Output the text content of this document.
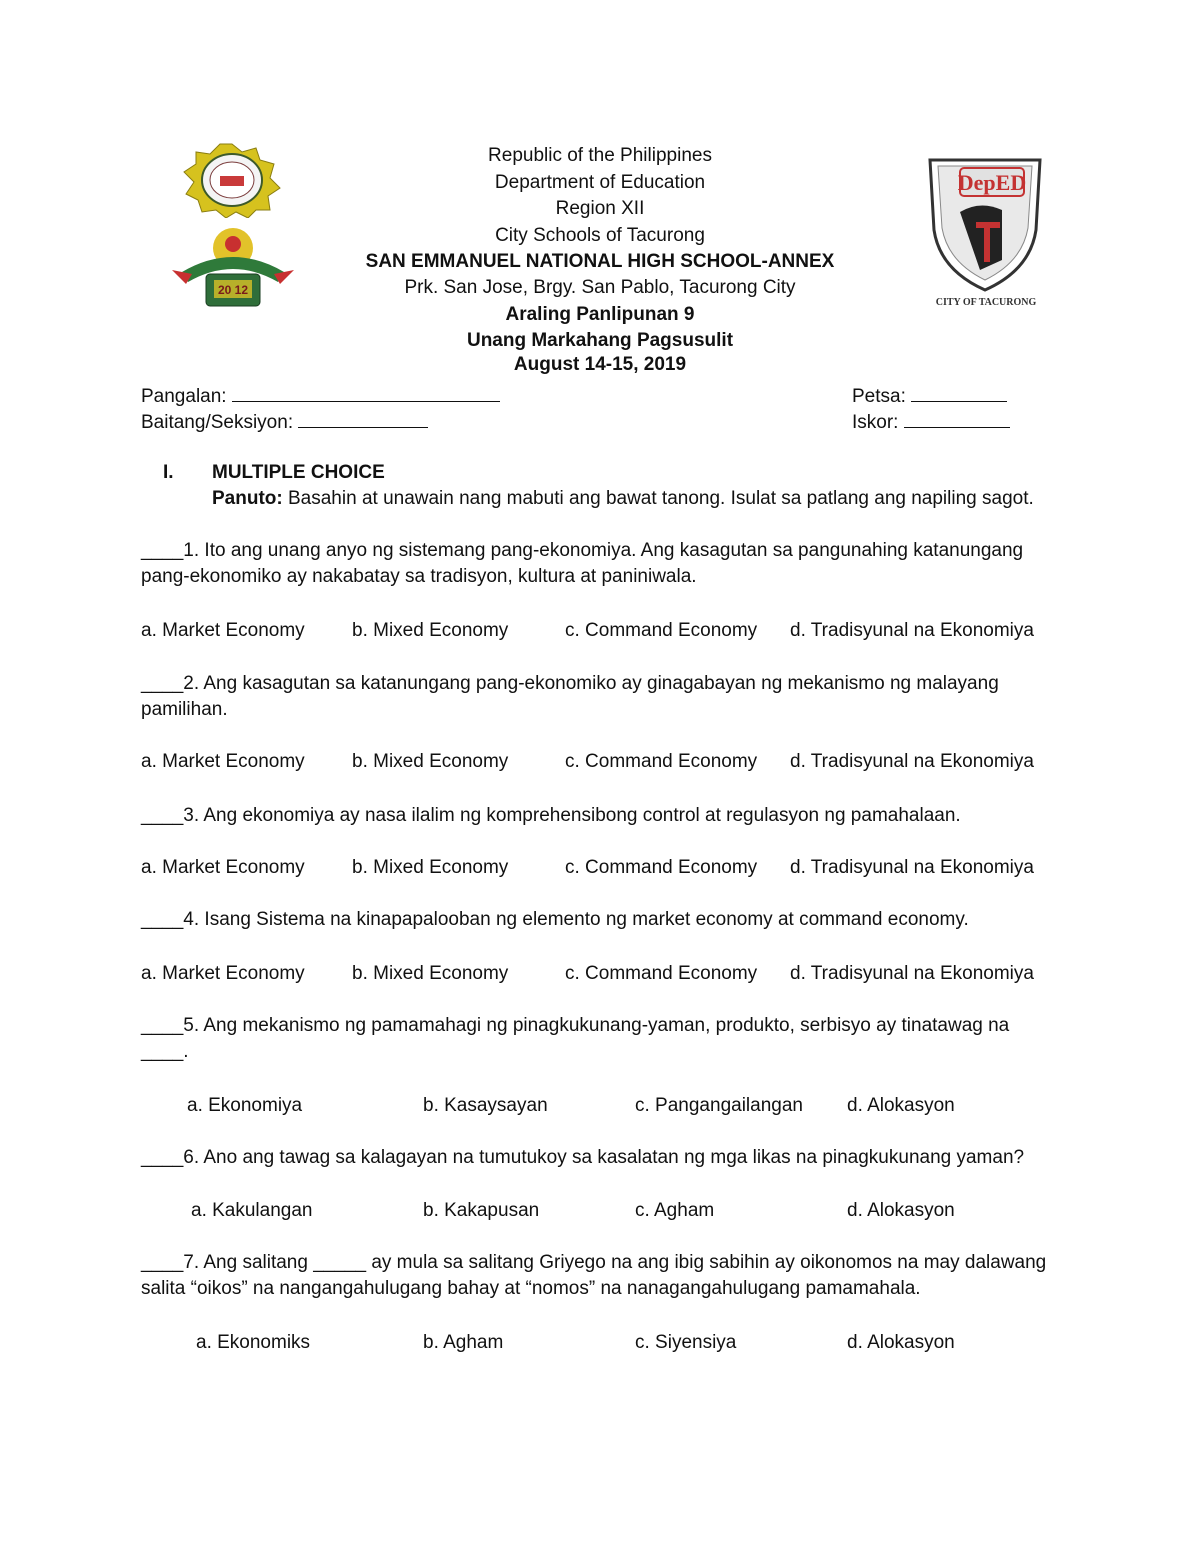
20 12
DepED
CITY OF TACURONG
Republic of the Philippines
Department of Education
Region XII
City Schools of Tacurong
SAN EMMANUEL NATIONAL HIGH SCHOOL-ANNEX
Prk. San Jose, Brgy. San Pablo, Tacurong City
Araling Panlipunan 9
Unang Markahang Pagsusulit
August 14-15, 2019
Pangalan:	Petsa:
Baitang/Seksiyon:	Iskor:
I. MULTIPLE CHOICE
Panuto: Basahin at unawain nang mabuti ang bawat tanong. Isulat sa patlang ang napiling sagot.
____1. Ito ang unang anyo ng sistemang pang-ekonomiya. Ang kasagutan sa pangunahing katanungang
pang-ekonomiko ay nakabatay sa tradisyon, kultura at paniniwala.
a. Market Economy b. Mixed Economy	c. Command Economy d. Tradisyunal na Ekonomiya
____2. Ang kasagutan sa katanungang pang-ekonomiko ay ginagabayan ng mekanismo ng malayang
pamilihan.
a. Market Economy b. Mixed Economy	c. Command Economy d. Tradisyunal na Ekonomiya
____3. Ang ekonomiya ay nasa ilalim ng komprehensibong control at regulasyon ng pamahalaan.
a. Market Economy b. Mixed Economy	c. Command Economy d. Tradisyunal na Ekonomiya
____4. Isang Sistema na kinapapalooban ng elemento ng market economy at command economy.
a. Market Economy b. Mixed Economy	c. Command Economy d. Tradisyunal na Ekonomiya
____5. Ang mekanismo ng pamamahagi ng pinagkukunang-yaman, produkto, serbisyo ay tinatawag na
____.
a. Ekonomiya	b. Kasaysayan	c. Pangangailangan d. Alokasyon
____6. Ano ang tawag sa kalagayan na tumutukoy sa kasalatan ng mga likas na pinagkukunang yaman?
a. Kakulangan	b. Kakapusan	c. Agham	d. Alokasyon
____7. Ang salitang _____ ay mula sa salitang Griyego na ang ibig sabihin ay oikonomos na may dalawang
salita “oikos” na nangangahulugang bahay at “nomos” na nanagangahulugang pamamahala.
a. Ekonomiks	b. Agham	c. Siyensiya	d. Alokasyon
